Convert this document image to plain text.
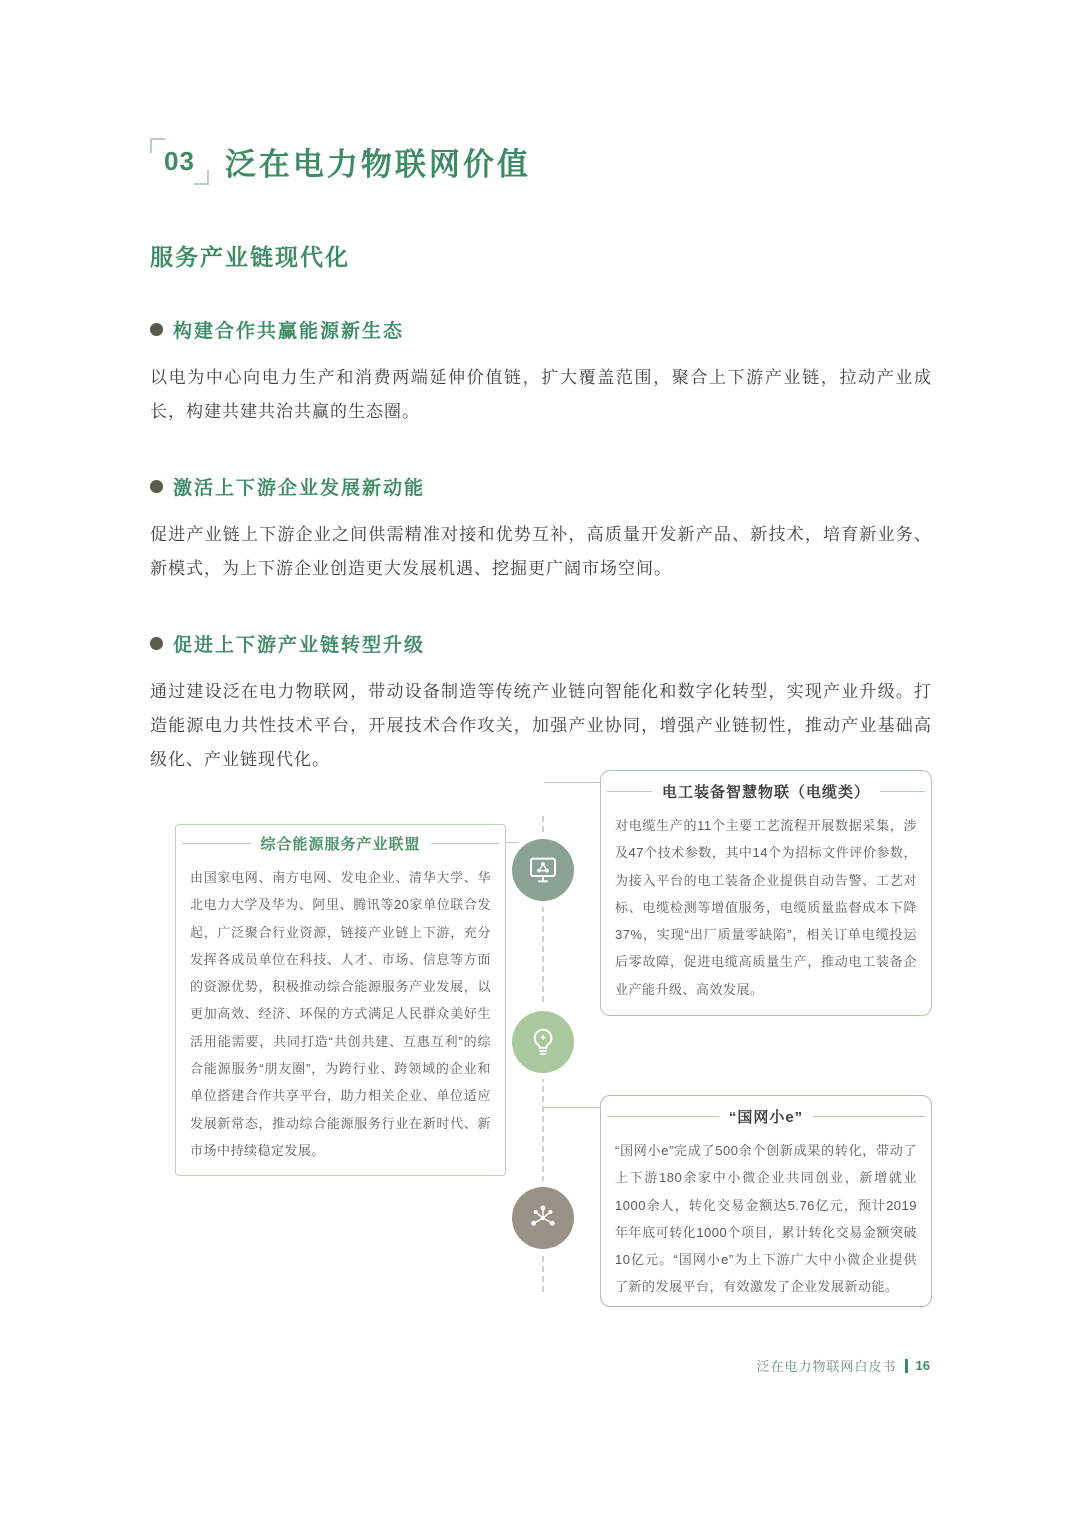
03 泛在电力物联网价值
服务产业链现代化
构建合作共赢能源新生态

以电为中心向电力生产和消费两端延伸价值链，扩大覆盖范围，聚合上下游产业链，拉动产业成长，构建共建共治共赢的生态圈。

激活上下游企业发展新动能

促进产业链上下游企业之间供需精准对接和优势互补，高质量开发新产品、新技术，培育新业务、新模式，为上下游企业创造更大发展机遇、挖掘更广阔市场空间。

促进上下游产业链转型升级

通过建设泛在电力物联网，带动设备制造等传统产业链向智能化和数字化转型，实现产业升级。打造能源电力共性技术平台，开展技术合作攻关，加强产业协同，增强产业链韧性，推动产业基础高级化、产业链现代化。

综合能源服务产业联盟
由国家电网、南方电网、发电企业、清华大学、华北电力大学及华为、阿里、腾讯等20家单位联合发起，广泛聚合行业资源，链接产业链上下游，充分发挥各成员单位在科技、人才、市场、信息等方面的资源优势，积极推动综合能源服务产业发展，以更加高效、经济、环保的方式满足人民群众美好生活用能需要，共同打造“共创共建、互惠互利”的综合能源服务“朋友圈”，为跨行业、跨领域的企业和单位搭建合作共享平台，助力相关企业、单位适应发展新常态，推动综合能源服务行业在新时代、新市场中持续稳定发展。
电工装备智慧物联（电缆类）
对电缆生产的11个主要工艺流程开展数据采集，涉及47个技术参数，其中14个为招标文件评价参数，为接入平台的电工装备企业提供自动告警、工艺对标、电缆检测等增值服务，电缆质量监督成本下降37%，实现“出厂质量零缺陷”，相关订单电缆投运后零故障，促进电缆高质量生产，推动电工装备企业产能升级、高效发展。
“国网小e”
“国网小e”完成了500余个创新成果的转化，带动了上下游180余家中小微企业共同创业，新增就业1000余人，转化交易金额达5.76亿元，预计2019年年底可转化1000个项目，累计转化交易金额突破10亿元。“国网小e”为上下游广大中小微企业提供了新的发展平台，有效激发了企业发展新动能。
泛在电力物联网白皮书 16
